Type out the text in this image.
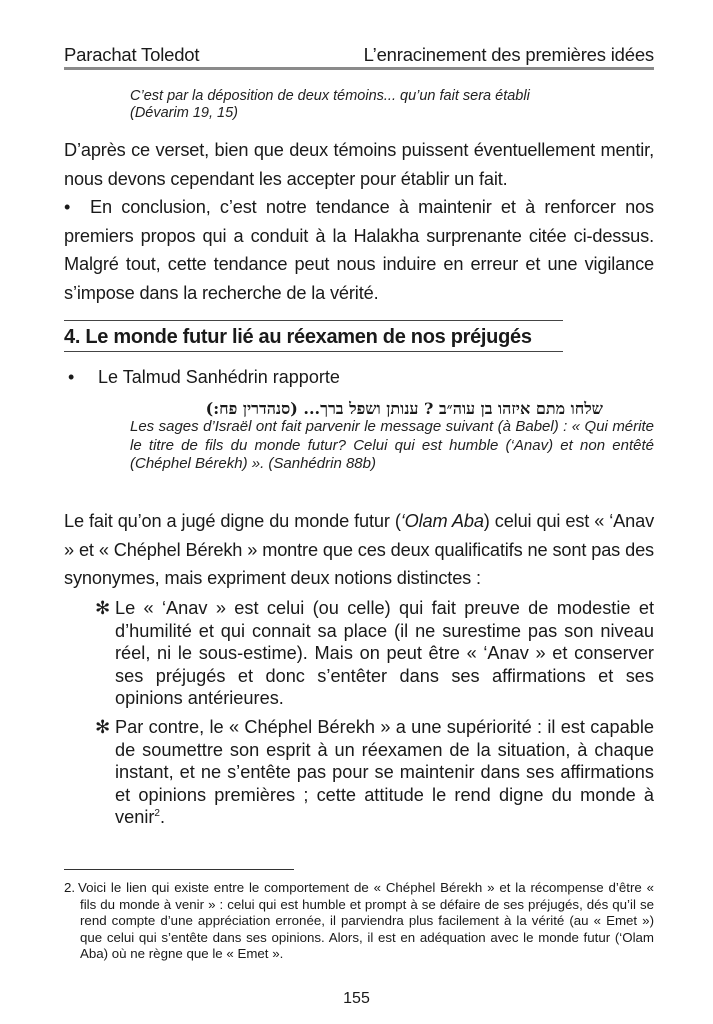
Parachat Toledot	L’enracinement des premières idées
C’est par la déposition de deux témoins... qu’un fait sera établi
(Dévarim 19, 15)
D’après ce verset, bien que deux témoins puissent éventuellement mentir, nous devons cependant les accepter pour établir un fait.
• En conclusion, c’est notre tendance à maintenir et à renforcer nos premiers propos qui a conduit à la Halakha surprenante citée ci-dessus. Malgré tout, cette tendance peut nous induire en erreur et une vigilance s’impose dans la recherche de la vérité.
4. Le monde futur lié au réexamen de nos préjugés
• Le Talmud Sanhédrin rapporte
שלחו מתם איזהו בן עוה״ב ? ענותן ושפל ברך... (סנהדרין פח:)
Les sages d’Israël ont fait parvenir le message suivant (à Babel) : « Qui mérite le titre de fils du monde futur? Celui qui est humble (‘Anav) et non entêté (Chéphel Bérekh) ». (Sanhédrin 88b)
Le fait qu’on a jugé digne du monde futur (‘Olam Aba) celui qui est « ‘Anav » et « Chéphel Bérekh » montre que ces deux qualificatifs ne sont pas des synonymes, mais expriment deux notions distinctes :
✻ Le « ‘Anav » est celui (ou celle) qui fait preuve de modestie et d’humilité et qui connait sa place (il ne surestime pas son niveau réel, ni le sous-estime). Mais on peut être « ‘Anav » et conserver ses préjugés et donc s’entêter dans ses affirmations et ses opinions antérieures.
✻ Par contre, le « Chéphel Bérekh » a une supériorité : il est capable de soumettre son esprit à un réexamen de la situation, à chaque instant, et ne s’entête pas pour se maintenir dans ses affirmations et opinions premières ; cette attitude le rend digne du monde à venir$^2$.
2. Voici le lien qui existe entre le comportement de « Chéphel Bérekh » et la récompense d’être « fils du monde à venir » : celui qui est humble et prompt à se défaire de ses préjugés, dés qu’il se rend compte d’une appréciation erronée, il parviendra plus facilement à la vérité (au « Emet ») que celui qui s’entête dans ses opinions. Alors, il est en adéquation avec le monde futur (‘Olam Aba) où ne règne que le « Emet ».
155
